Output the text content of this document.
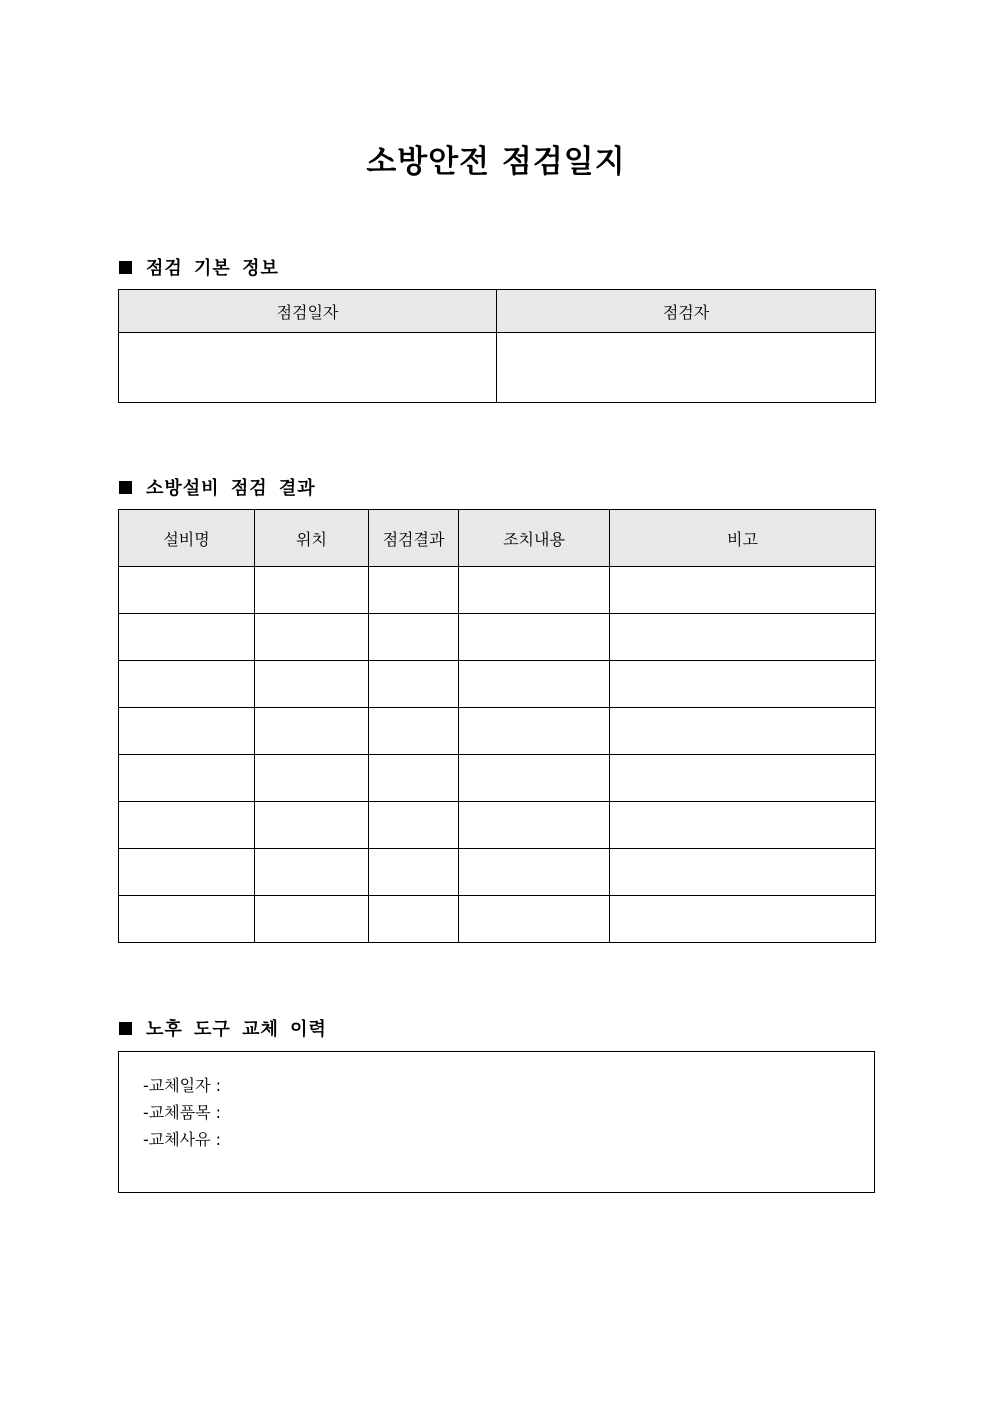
소방안전 점검일지
점검 기본 정보
점검일자	점검자

소방설비 점검 결과
설비명	위치	점검결과	조치내용	비고

노후 도구 교체 이력
-교체일자 :
-교체품목 :
-교체사유 :
